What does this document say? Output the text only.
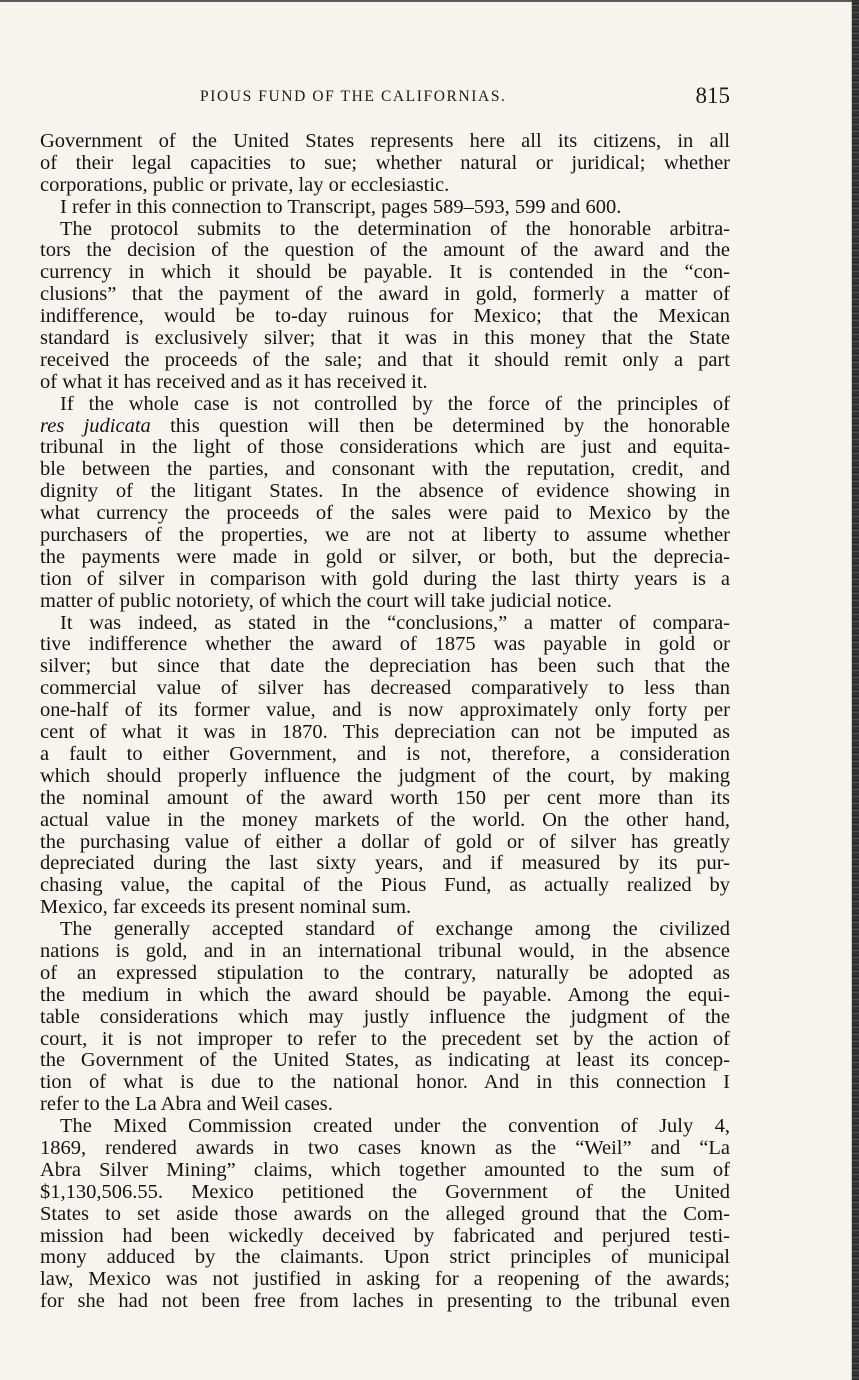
PIOUS FUND OF THE CALIFORNIAS.	815
Government of the United States represents here all its citizens, in all
of their legal capacities to sue; whether natural or juridical; whether
corporations, public or private, lay or ecclesiastic.
I refer in this connection to Transcript, pages 589–593, 599 and 600.
The protocol submits to the determination of the honorable arbitra-
tors the decision of the question of the amount of the award and the
currency in which it should be payable. It is contended in the “con-
clusions” that the payment of the award in gold, formerly a matter of
indifference, would be to-day ruinous for Mexico; that the Mexican
standard is exclusively silver; that it was in this money that the State
received the proceeds of the sale; and that it should remit only a part
of what it has received and as it has received it.
If the whole case is not controlled by the force of the principles of
res judicata this question will then be determined by the honorable
tribunal in the light of those considerations which are just and equita-
ble between the parties, and consonant with the reputation, credit, and
dignity of the litigant States. In the absence of evidence showing in
what currency the proceeds of the sales were paid to Mexico by the
purchasers of the properties, we are not at liberty to assume whether
the payments were made in gold or silver, or both, but the deprecia-
tion of silver in comparison with gold during the last thirty years is a
matter of public notoriety, of which the court will take judicial notice.
It was indeed, as stated in the “conclusions,” a matter of comparа-
tive indifference whether the award of 1875 was payable in gold or
silver; but since that date the depreciation has been such that the
commercial value of silver has decreased comparatively to less than
one-half of its former value, and is now approximately only forty per
cent of what it was in 1870. This depreciation can not be imputed as
a fault to either Government, and is not, therefore, a consideration
which should properly influence the judgment of the court, by making
the nominal amount of the award worth 150 per cent more than its
actual value in the money markets of the world. On the other hand,
the purchasing value of either a dollar of gold or of silver has greatly
depreciated during the last sixty years, and if measured by its pur-
chasing value, the capital of the Pious Fund, as actually realized by
Mexico, far exceeds its present nominal sum.
The generally accepted standard of exchange among the civilized
nations is gold, and in an international tribunal would, in the absence
of an expressed stipulation to the contrary, naturally be adopted as
the medium in which the award should be payable. Among the equi-
table considerations which may justly influence the judgment of the
court, it is not improper to refer to the precedent set by the action of
the Government of the United States, as indicating at least its concep-
tion of what is due to the national honor. And in this connection I
refer to the La Abra and Weil cases.
The Mixed Commission created under the convention of July 4,
1869, rendered awards in two cases known as the “Weil” and “La
Abra Silver Mining” claims, which together amounted to the sum of
$1,130,506.55. Mexico petitioned the Government of the United
States to set aside those awards on the alleged ground that the Com-
mission had been wickedly deceived by fabricated and perjured testi-
mony adduced by the claimants. Upon strict principles of municipal
law, Mexico was not justified in asking for a reopening of the awards;
for she had not been free from laches in presenting to the tribunal even
